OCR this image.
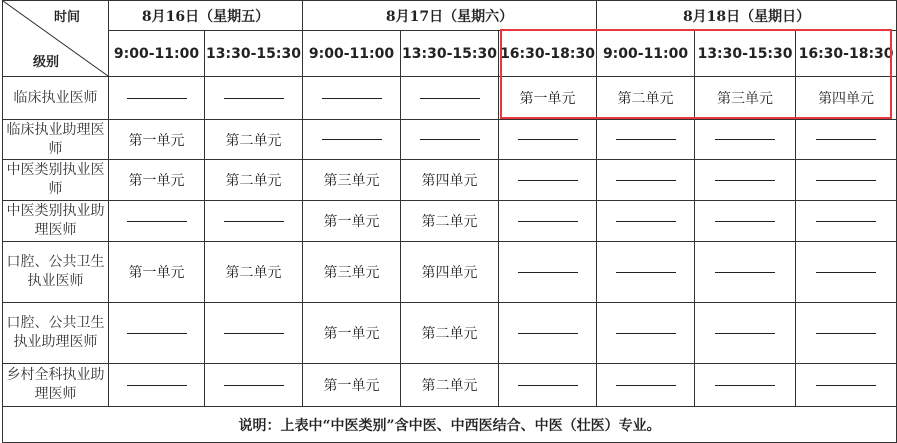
时间
级别	8月16日（星期五）		8月17日（星期六）			8月18日（星期日）		
	9:00-11:00	13:30-15:30	9:00-11:00	13:30-15:30	16:30-18:30	9:00-11:00	13:30-15:30	16:30-18:30
临床执业医师					第一单元	第二单元	第三单元	第四单元
临床执业助理医师	第一单元	第二单元						
中医类别执业医师	第一单元	第二单元	第三单元	第四单元				
中医类别执业助理医师			第一单元	第二单元				
口腔、公共卫生执业医师	第一单元	第二单元	第三单元	第四单元				
口腔、公共卫生执业助理医师			第一单元	第二单元				
乡村全科执业助理医师			第一单元	第二单元				
说明：上表中“中医类别”含中医、中西医结合、中医（壮医）专业。								
